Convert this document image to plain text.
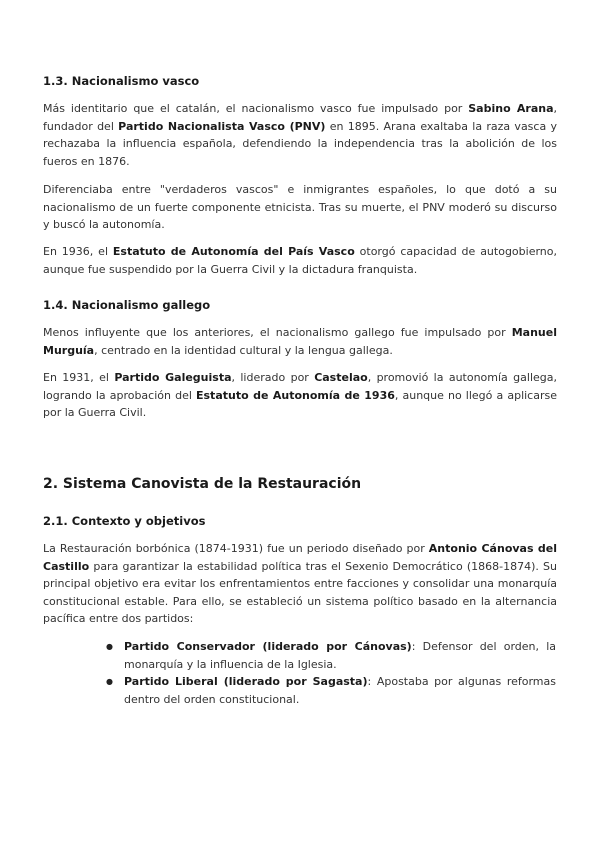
1.3. Nacionalismo vasco

Más identitario que el catalán, el nacionalismo vasco fue impulsado por Sabino Arana, fundador del Partido Nacionalista Vasco (PNV) en 1895. Arana exaltaba la raza vasca y rechazaba la influencia española, defendiendo la independencia tras la abolición de los fueros en 1876.

Diferenciaba entre "verdaderos vascos" e inmigrantes españoles, lo que dotó a su nacionalismo de un fuerte componente etnicista. Tras su muerte, el PNV moderó su discurso y buscó la autonomía.

En 1936, el Estatuto de Autonomía del País Vasco otorgó capacidad de autogobierno, aunque fue suspendido por la Guerra Civil y la dictadura franquista.

1.4. Nacionalismo gallego

Menos influyente que los anteriores, el nacionalismo gallego fue impulsado por Manuel Murguía, centrado en la identidad cultural y la lengua gallega.

En 1931, el Partido Galeguista, liderado por Castelao, promovió la autonomía gallega, logrando la aprobación del Estatuto de Autonomía de 1936, aunque no llegó a aplicarse por la Guerra Civil.

2. Sistema Canovista de la Restauración
2.1. Contexto y objetivos

La Restauración borbónica (1874-1931) fue un periodo diseñado por Antonio Cánovas del Castillo para garantizar la estabilidad política tras el Sexenio Democrático (1868-1874). Su principal objetivo era evitar los enfrentamientos entre facciones y consolidar una monarquía constitucional estable. Para ello, se estableció un sistema político basado en la alternancia pacífica entre dos partidos:

● Partido Conservador (liderado por Cánovas): Defensor del orden, la monarquía y la influencia de la Iglesia.
● Partido Liberal (liderado por Sagasta): Apostaba por algunas reformas dentro del orden constitucional.
